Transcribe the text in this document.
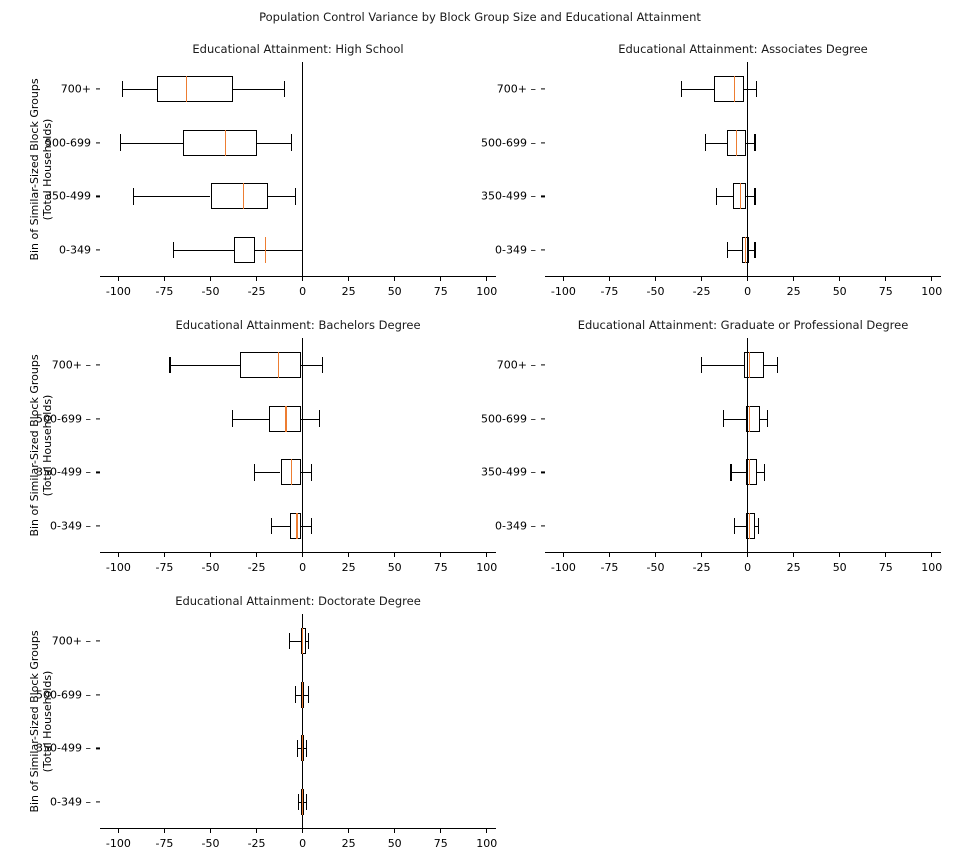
Population Control Variance by Block Group Size and Educational Attainment
Educational Attainment: High School
-100 -75	-50	-25	0	25	50	75	100
700+
500-699
350-499
0-349
Bin of Similar-Sized Block Groups (Total Households)
Educational Attainment: Associates Degree
-100 -75	-50	-25	0	25	50	75	100
700+ –
500-699 –
350-499 –
0-349 –
Educational Attainment: Bachelors Degree
-100 -75	-50	-25	0	25	50	75	100
700+ –
500-699 –
350-499 –
0-349 –
Bin of Similar-Sized Block Groups (Total Households)
Educational Attainment: Graduate or Professional Degree
-100 -75	-50	-25	0	25	50	75	100
700+ –
500-699 –
350-499 –
0-349 –
Educational Attainment: Doctorate Degree
-100 -75	-50	-25	0	25	50	75	100
700+ –
500-699 –
350-499 –
0-349 –
Bin of Similar-Sized Block Groups (Total Households)
